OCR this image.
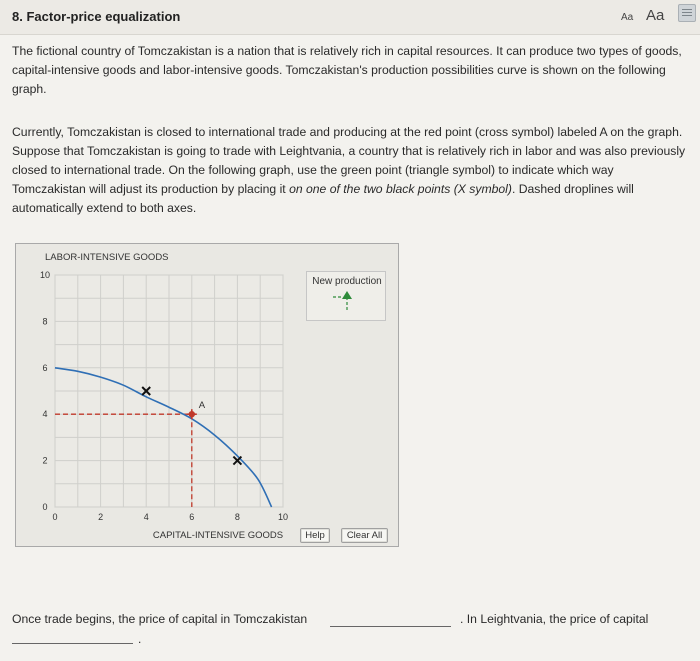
8. Factor-price equalization	Aa Aa

The fictional country of Tomczakistan is a nation that is relatively rich in capital resources. It can produce two types of goods, capital-intensive goods and labor-intensive goods. Tomczakistan's production possibilities curve is shown on the following graph.

Currently, Tomczakistan is closed to international trade and producing at the red point (cross symbol) labeled A on the graph. Suppose that Tomczakistan is going to trade with Leightvania, a country that is relatively rich in labor and was also previously closed to international trade. On the following graph, use the green point (triangle symbol) to indicate which way Tomczakistan will adjust its production by placing it on one of the two black points (X symbol). Dashed droplines will automatically extend to both axes.

A
0	2	4	6	8	10
0
2
4
6
8
10
LABOR-INTENSIVE GOODS
CAPITAL-INTENSIVE GOODS
New production
Help	Clear All
Once trade begins, the price of capital in Tomczakistan	. In Leightvania, the price of capital
.
